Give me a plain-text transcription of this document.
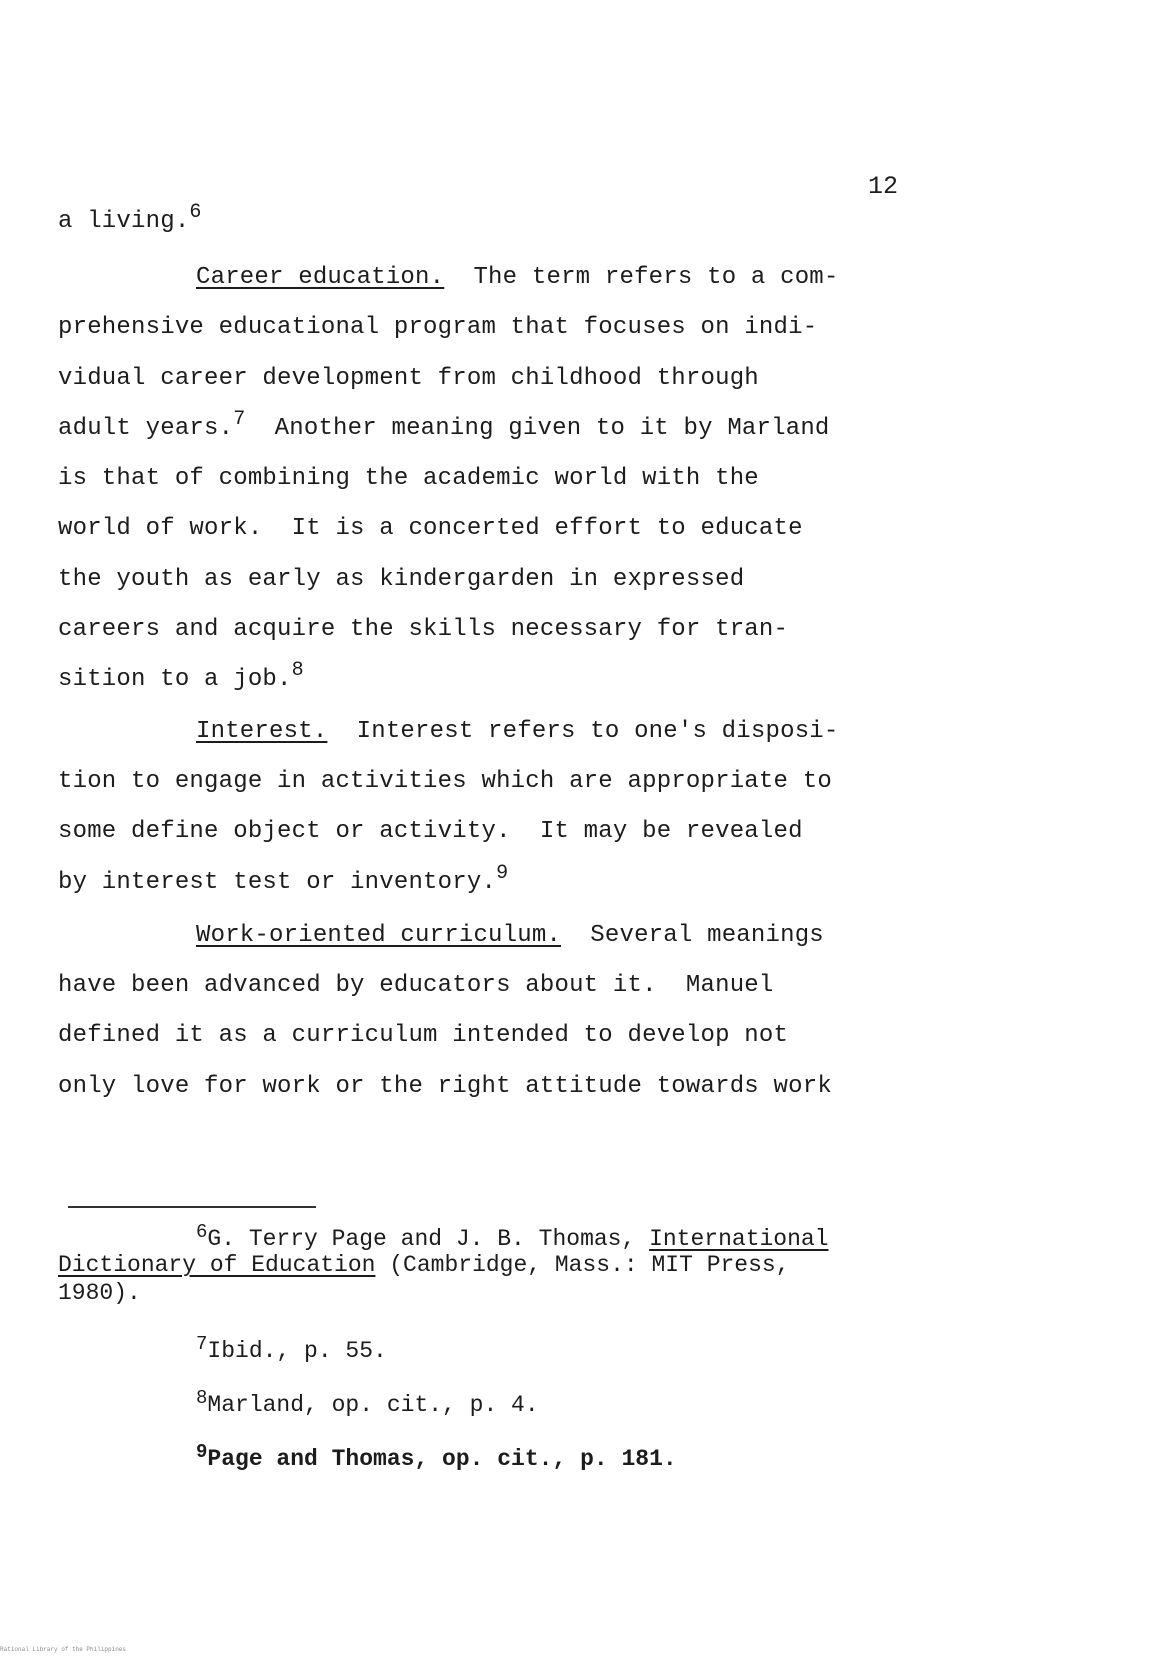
12
a living.$^6$
Career education.  The term refers to a com-
prehensive educational program that focuses on indi-
vidual career development from childhood through
adult years.$^7$  Another meaning given to it by Marland
is that of combining the academic world with the
world of work.  It is a concerted effort to educate
the youth as early as kindergarden in expressed
careers and acquire the skills necessary for tran-
sition to a job.$^8$
Interest.  Interest refers to one's disposi-
tion to engage in activities which are appropriate to
some define object or activity.  It may be revealed
by interest test or inventory.$^9$
Work-oriented curriculum.  Several meanings
have been advanced by educators about it.  Manuel
defined it as a curriculum intended to develop not
only love for work or the right attitude towards work
$^6$G. Terry Page and J. B. Thomas, International
Dictionary of Education (Cambridge, Mass.: MIT Press,
1980).
$^7$Ibid., p. 55.
$^8$Marland, op. cit., p. 4.
$^9$Page and Thomas, op. cit., p. 181.
Rational Library of the Philippines
